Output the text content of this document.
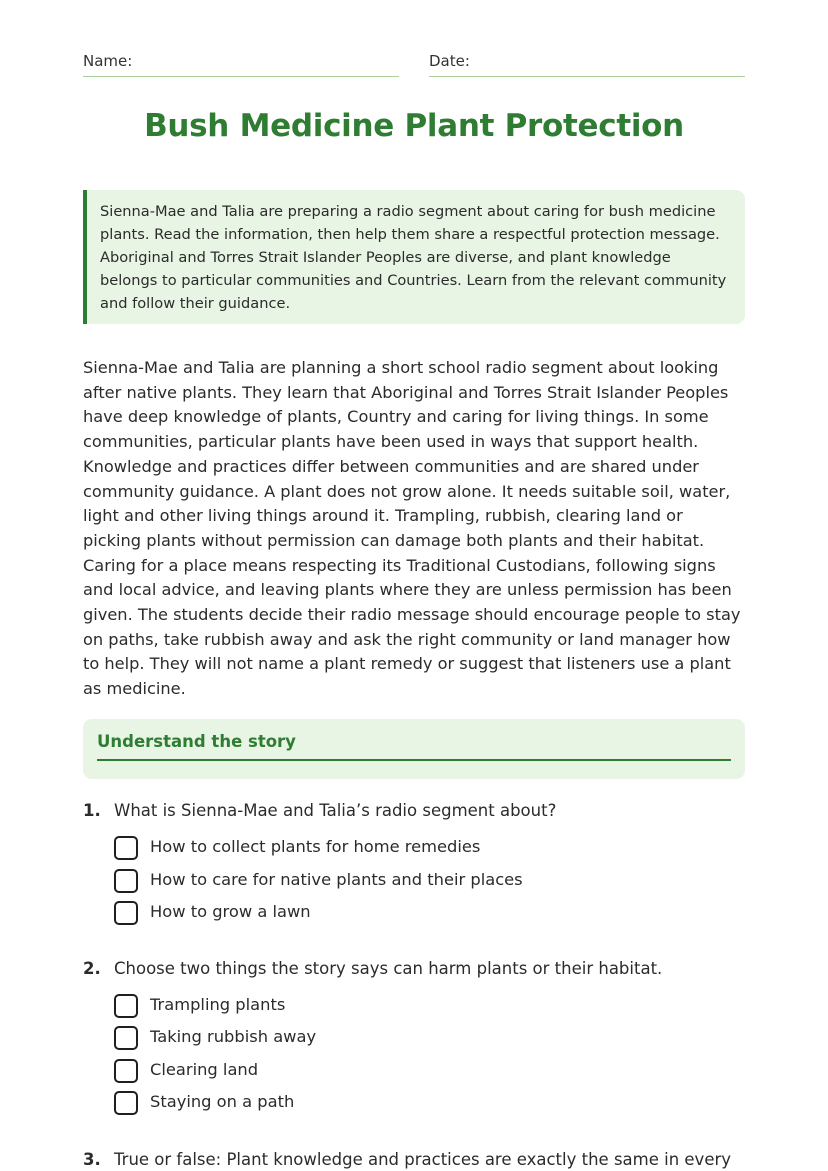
Name:	Date:
Bush Medicine Plant Protection
Sienna-Mae and Talia are preparing a radio segment about caring for bush medicine plants. Read the information, then help them share a respectful protection message. Aboriginal and Torres Strait Islander Peoples are diverse, and plant knowledge belongs to particular communities and Countries. Learn from the relevant community and follow their guidance.

Sienna-Mae and Talia are planning a short school radio segment about looking after native plants. They learn that Aboriginal and Torres Strait Islander Peoples have deep knowledge of plants, Country and caring for living things. In some communities, particular plants have been used in ways that support health. Knowledge and practices differ between communities and are shared under community guidance. A plant does not grow alone. It needs suitable soil, water, light and other living things around it. Trampling, rubbish, clearing land or picking plants without permission can damage both plants and their habitat. Caring for a place means respecting its Traditional Custodians, following signs and local advice, and leaving plants where they are unless permission has been given. The students decide their radio message should encourage people to stay on paths, take rubbish away and ask the right community or land manager how to help. They will not name a plant remedy or suggest that listeners use a plant as medicine.

Understand the story
1. What is Sienna-Mae and Talia’s radio segment about?
How to collect plants for home remedies
How to care for native plants and their places
How to grow a lawn
2. Choose two things the story says can harm plants or their habitat.
Trampling plants
Taking rubbish away
Clearing land
Staying on a path
3. True or false: Plant knowledge and practices are exactly the same in every
